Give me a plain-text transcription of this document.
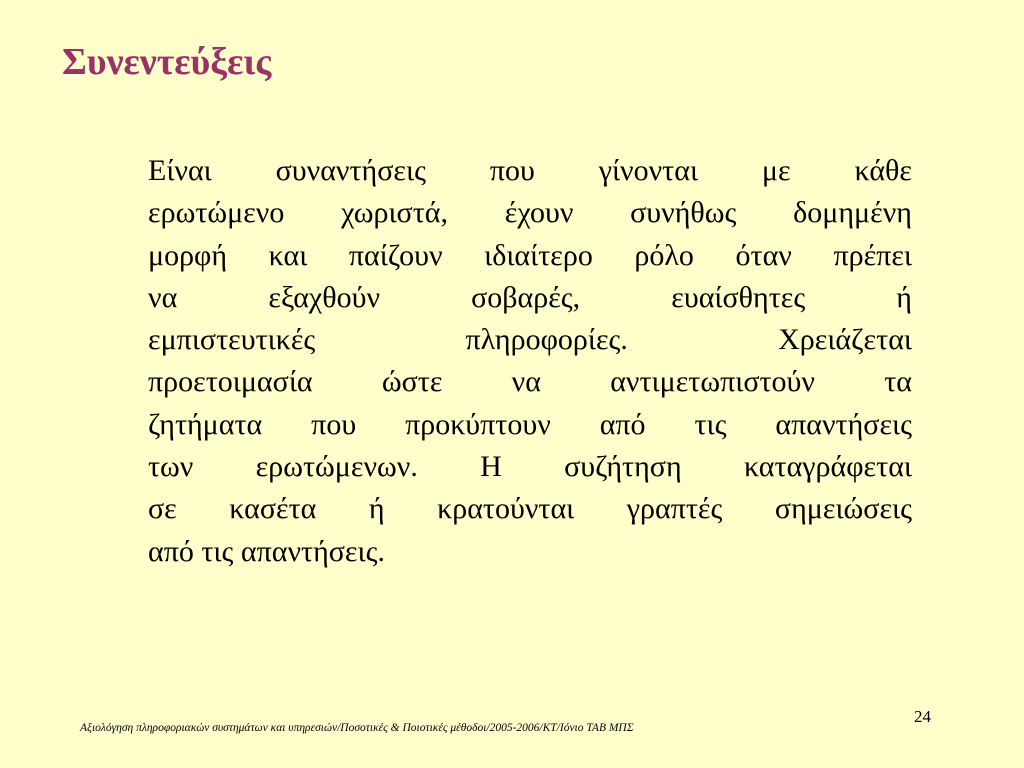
Συνεντεύξεις
Είναι συναντήσεις που γίνονται με κάθε
ερωτώμενο χωριστά, έχουν συνήθως δομημένη
μορφή και παίζουν ιδιαίτερο ρόλο όταν πρέπει
να εξαχθούν σοβαρές, ευαίσθητες ή
εμπιστευτικές πληροφορίες. Χρειάζεται
προετοιμασία ώστε να αντιμετωπιστούν τα
ζητήματα που προκύπτουν από τις απαντήσεις
των ερωτώμενων. Η συζήτηση καταγράφεται
σε κασέτα ή κρατούνται γραπτές σημειώσεις
από τις απαντήσεις.
Αξιολόγηση πληροφοριακών συστημάτων και υπηρεσιών/Ποσοτικές & Ποιοτικές μέθοδοι/2005-2006/ΚΤ/Ιόνιο ΤΑΒ ΜΠΣ
24
